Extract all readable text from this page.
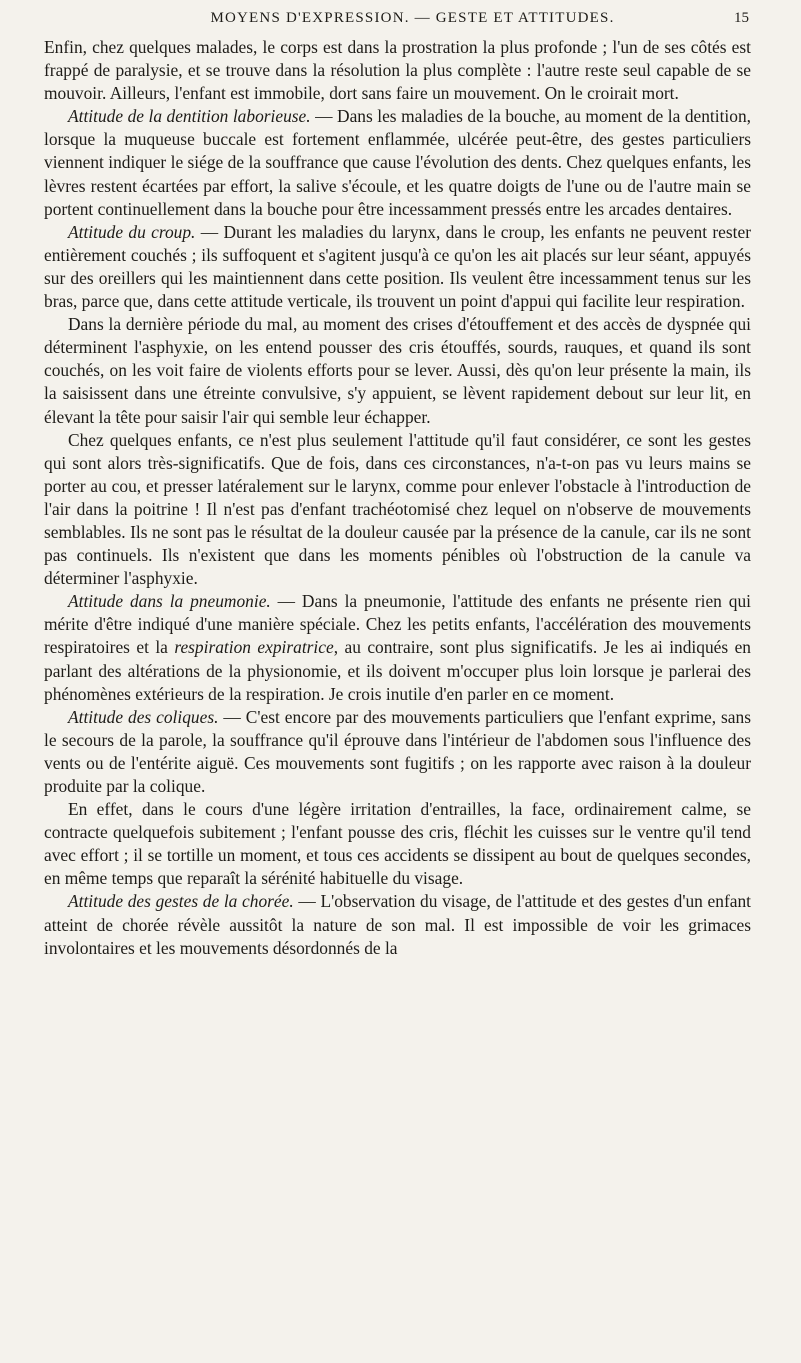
MOYENS D'EXPRESSION. — GESTE ET ATTITUDES.	15

Enfin, chez quelques malades, le corps est dans la prostration la plus profonde ; l'un de ses côtés est frappé de paralysie, et se trouve dans la résolution la plus complète : l'autre reste seul capable de se mouvoir. Ailleurs, l'enfant est immobile, dort sans faire un mouvement. On le croirait mort.

Attitude de la dentition laborieuse. — Dans les maladies de la bouche, au moment de la dentition, lorsque la muqueuse buccale est fortement enflammée, ulcérée peut-être, des gestes particuliers viennent indiquer le siége de la souffrance que cause l'évolution des dents. Chez quelques enfants, les lèvres restent écartées par effort, la salive s'écoule, et les quatre doigts de l'une ou de l'autre main se portent continuellement dans la bouche pour être incessamment pressés entre les arcades dentaires.

Attitude du croup. — Durant les maladies du larynx, dans le croup, les enfants ne peuvent rester entièrement couchés ; ils suffoquent et s'agitent jusqu'à ce qu'on les ait placés sur leur séant, appuyés sur des oreillers qui les maintiennent dans cette position. Ils veulent être incessamment tenus sur les bras, parce que, dans cette attitude verticale, ils trouvent un point d'appui qui facilite leur respiration.

Dans la dernière période du mal, au moment des crises d'étouffement et des accès de dyspnée qui déterminent l'asphyxie, on les entend pousser des cris étouffés, sourds, rauques, et quand ils sont couchés, on les voit faire de violents efforts pour se lever. Aussi, dès qu'on leur présente la main, ils la saisissent dans une étreinte convulsive, s'y appuient, se lèvent rapidement debout sur leur lit, en élevant la tête pour saisir l'air qui semble leur échapper.

Chez quelques enfants, ce n'est plus seulement l'attitude qu'il faut considérer, ce sont les gestes qui sont alors très-significatifs. Que de fois, dans ces circonstances, n'a-t-on pas vu leurs mains se porter au cou, et presser latéralement sur le larynx, comme pour enlever l'obstacle à l'introduction de l'air dans la poitrine ! Il n'est pas d'enfant trachéotomisé chez lequel on n'observe de mouvements semblables. Ils ne sont pas le résultat de la douleur causée par la présence de la canule, car ils ne sont pas continuels. Ils n'existent que dans les moments pénibles où l'obstruction de la canule va déterminer l'asphyxie.

Attitude dans la pneumonie. — Dans la pneumonie, l'attitude des enfants ne présente rien qui mérite d'être indiqué d'une manière spéciale. Chez les petits enfants, l'accélération des mouvements respiratoires et la respiration expiratrice, au contraire, sont plus significatifs. Je les ai indiqués en parlant des altérations de la physionomie, et ils doivent m'occuper plus loin lorsque je parlerai des phénomènes extérieurs de la respiration. Je crois inutile d'en parler en ce moment.

Attitude des coliques. — C'est encore par des mouvements particuliers que l'enfant exprime, sans le secours de la parole, la souffrance qu'il éprouve dans l'intérieur de l'abdomen sous l'influence des vents ou de l'entérite aiguë. Ces mouvements sont fugitifs ; on les rapporte avec raison à la douleur produite par la colique.

En effet, dans le cours d'une légère irritation d'entrailles, la face, ordinairement calme, se contracte quelquefois subitement ; l'enfant pousse des cris, fléchit les cuisses sur le ventre qu'il tend avec effort ; il se tortille un moment, et tous ces accidents se dissipent au bout de quelques secondes, en même temps que reparaît la sérénité habituelle du visage.

Attitude des gestes de la chorée. — L'observation du visage, de l'attitude et des gestes d'un enfant atteint de chorée révèle aussitôt la nature de son mal. Il est impossible de voir les grimaces involontaires et les mouvements désordonnés de la
